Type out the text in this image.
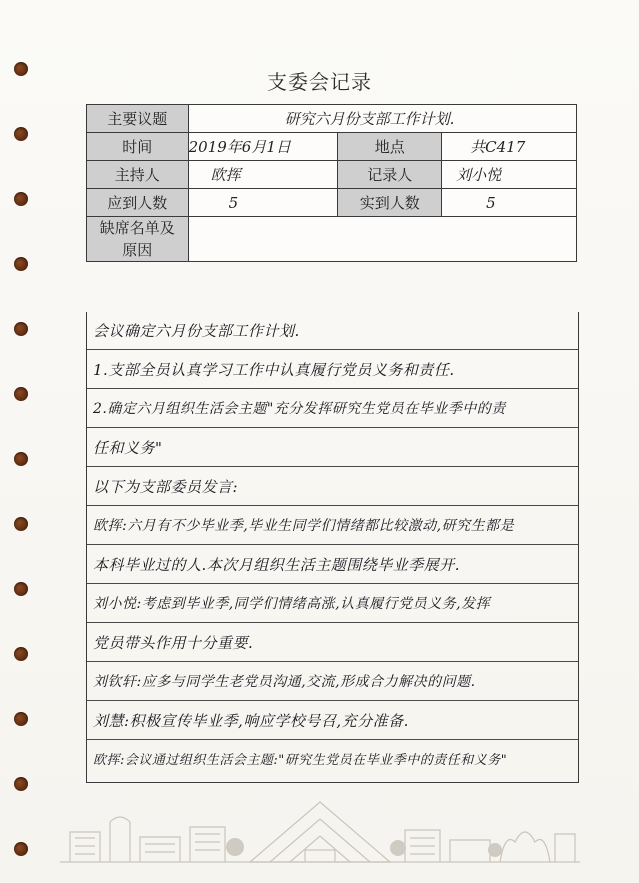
支委会记录
主要议题	研究六月份支部工作计划.		
时间	2019年6月1日	地点	共C417
主持人	欧挥	记录人	刘小悦
应到人数	5	实到人数	5
缺席名单及原因			
会议确定六月份支部工作计划.
1.支部全员认真学习工作中认真履行党员义务和责任.
2.确定六月组织生活会主题"充分发挥研究生党员在毕业季中的责
任和义务"
以下为支部委员发言:
欧挥:六月有不少毕业季,毕业生同学们情绪都比较激动,研究生都是
本科毕业过的人.本次月组织生活主题围绕毕业季展开.
刘小悦:考虑到毕业季,同学们情绪高涨,认真履行党员义务,发挥
党员带头作用十分重要.
刘钦轩:应多与同学生老党员沟通,交流,形成合力解决的问题.
刘慧:积极宣传毕业季,响应学校号召,充分准备.
欧挥:会议通过组织生活会主题:"研究生党员在毕业季中的责任和义务"
